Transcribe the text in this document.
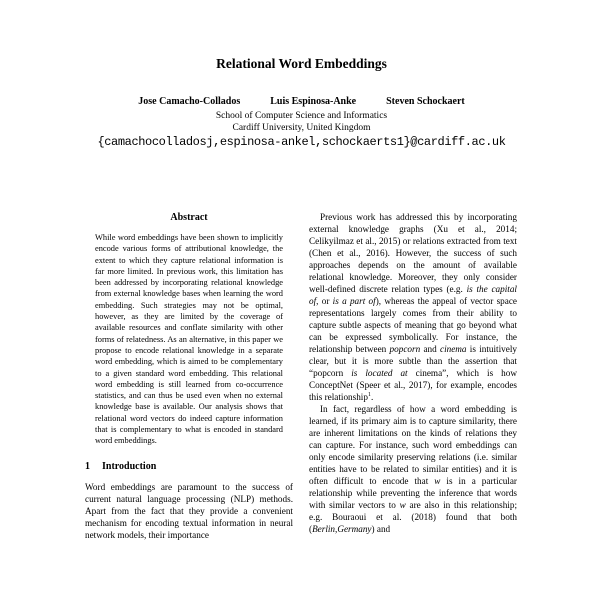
Relational Word Embeddings
Jose Camacho-Collados	Luis Espinosa-Anke	Steven Schockaert
School of Computer Science and Informatics
Cardiff University, United Kingdom
{camachocolladosj,espinosa-ankel,schockaerts1}@cardiff.ac.uk
Abstract

While word embeddings have been shown to implicitly encode various forms of attributional knowledge, the extent to which they capture relational information is far more limited. In previous work, this limitation has been addressed by incorporating relational knowledge from external knowledge bases when learning the word embedding. Such strategies may not be optimal, however, as they are limited by the coverage of available resources and conflate similarity with other forms of relatedness. As an alternative, in this paper we propose to encode relational knowledge in a separate word embedding, which is aimed to be complementary to a given standard word embedding. This relational word embedding is still learned from co-occurrence statistics, and can thus be used even when no external knowledge base is available. Our analysis shows that relational word vectors do indeed capture information that is complementary to what is encoded in standard word embeddings.

1 Introduction

Word embeddings are paramount to the success of current natural language processing (NLP) methods. Apart from the fact that they provide a convenient mechanism for encoding textual information in neural network models, their importance

Previous work has addressed this by incorporating external knowledge graphs (Xu et al., 2014; Celikyilmaz et al., 2015) or relations extracted from text (Chen et al., 2016). However, the success of such approaches depends on the amount of available relational knowledge. Moreover, they only consider well-defined discrete relation types (e.g. is the capital of, or is a part of), whereas the appeal of vector space representations largely comes from their ability to capture subtle aspects of meaning that go beyond what can be expressed symbolically. For instance, the relationship between popcorn and cinema is intuitively clear, but it is more subtle than the assertion that “popcorn is located at cinema”, which is how ConceptNet (Speer et al., 2017), for example, encodes this relationship$^1$.

In fact, regardless of how a word embedding is learned, if its primary aim is to capture similarity, there are inherent limitations on the kinds of relations they can capture. For instance, such word embeddings can only encode similarity preserving relations (i.e. similar entities have to be related to similar entities) and it is often difficult to encode that w is in a particular relationship while preventing the inference that words with similar vectors to w are also in this relationship; e.g. Bouraoui et al. (2018) found that both (Berlin,Germany) and
